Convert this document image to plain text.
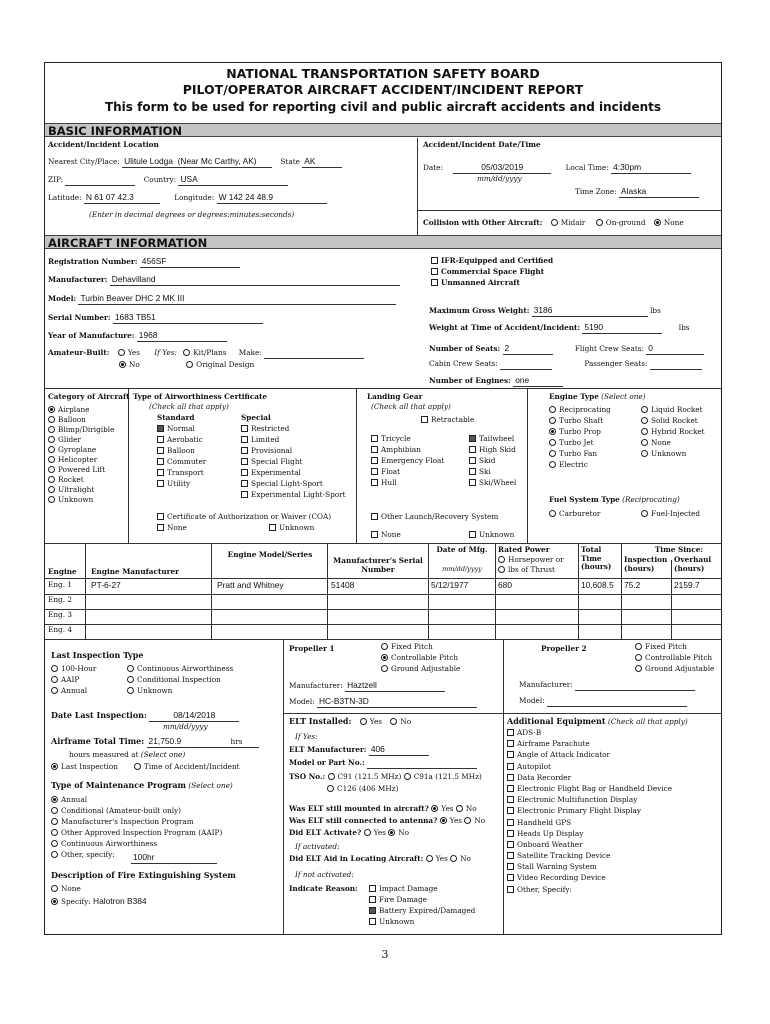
NATIONAL TRANSPORTATION SAFETY BOARD
PILOT/OPERATOR AIRCRAFT ACCIDENT/INCIDENT REPORT
This form to be used for reporting civil and public aircraft accidents and incidents
BASIC INFORMATION
Accident/Incident Location
Nearest City/Place: Ulitule Lodga (Near Mc Carthy, AK)	State AK
ZIP:	Country: USA
Latitude: N 61 07 42.3	Longitude: W 142 24 48.9
(Enter in decimal degrees or degrees:minutes:seconds)
Accident/Incident Date/Time
Date:	05/03/2019	Local Time: 4:30pm
mm/dd/yyyy
Time Zone: Alaska
Collision with Other Aircraft:	Midair	On-ground	None
AIRCRAFT INFORMATION
Registration Number: 456SF
Manufacturer: Dehavilland
Model: Turbin Beaver DHC 2 MK III
Serial Number: 1683 TB51
Year of Manufacture: 1968
Amateur-Built:	Yes If Yes: Kit/Plans Make:
No	Original Design
IFR-Equipped and Certified
Commercial Space Flight
Unmanned Aircraft
Maximum Gross Weight: 3186	lbs
Weight at Time of Accident/Incident: 5190	lbs
Number of Seats: 2	Flight Crew Seats: 0
Cabin Crew Seats:	Passenger Seats:
Number of Engines: one
Category of Aircraft
Airplane
Balloon
Blimp/Dirigible
Glider
Gyroplane
Helicopter
Powered Lift
Rocket
Ultralight
Unknown
Type of Airworthiness Certificate
(Check all that apply)
Standard	Special
Normal
Aerobatic
Balloon
Commuter
Transport
Utility
Restricted
Limited
Provisional
Special Flight
Experimental
Special Light-Sport
Experimental Light-Sport
Certificate of Authorization or Waiver (COA)
None	Unknown
Landing Gear
(Check all that apply)
Retractable
Tricycle
Amphibian
Emergency Float
Float
Hull
Tailwheel
High Skid
Skid
Ski
Ski/Wheel
Other Launch/Recovery System
None	Unknown
Engine Type (Select one)
Reciprocating
Turbo Shaft
Turbo Prop
Turbo Jet
Turbo Fan
Electric
Liquid Rocket
Solid Rocket
Hybrid Rocket
None
Unknown
Fuel System Type (Reciprocating)
Carburetor	Fuel-Injected
Engine Engine Manufacturer
Engine Model/Series
Manufacturer's Serial Number
Date of Mfg.
mm/dd/yyyy
Rated Power
Horsepower or
lbs of Thrust
Total Time (hours)
Time Since:
Inspection (hours)
Overhaul (hours)
Eng. 1 PT-6-27	Pratt and Whitney	51408	5/12/1977	680	10,608.5 75.2	2159.7
Eng. 2
Eng. 3
Eng. 4
Last Inspection Type
100-Hour
AAIP
Annual
Continuous Airworthiness
Conditional Inspection
Unknown
Date Last Inspection:	08/14/2018
mm/dd/yyyy
Airframe Total Time: 21,750.9	hrs
hours measured at (Select one)
Last Inspection	Time of Accident/Incident
Type of Maintenance Program (Select one)
Annual
Conditional (Amateur-built only)
Manufacturer's Inspection Program
Other Approved Inspection Program (AAIP)
Continuous Airworthiness
Other, specify:	100hr
Description of Fire Extinguishing System
None
Specify: Halotron B384
Propeller 1	Fixed Pitch
Controllable Pitch
Ground Adjustable
Manufacturer: Haztzell
Model: HC-B3TN-3D
Propeller 2	Fixed Pitch
Controllable Pitch
Ground Adjustable
Manufacturer:
Model:
ELT Installed:	Yes	No
If Yes:
ELT Manufacturer: 406
Model or Part No.:
TSO No.: C91 (121.5 MHz) C91a (121.5 MHz)
C126 (406 MHz)
Was ELT still mounted in aircraft? Yes No
Was ELT still connected to antenna? Yes No
Did ELT Activate? Yes No
If activated:
Did ELT Aid in Locating Aircraft: Yes No
If not activated:
Indicate Reason:	Impact Damage
Fire Damage
Battery Expired/Damaged
Unknown
Additional Equipment (Check all that apply)
ADS-B
Airframe Parachute
Angle of Attack Indicator
Autopilot
Data Recorder
Electronic Flight Bag or Handheld Device
Electronic Multifunction Display
Electronic Primary Flight Display
Handheld GPS
Heads Up Display
Onboard Weather
Satellite Tracking Device
Stall Warning System
Video Recording Device
Other, Specify:
3
